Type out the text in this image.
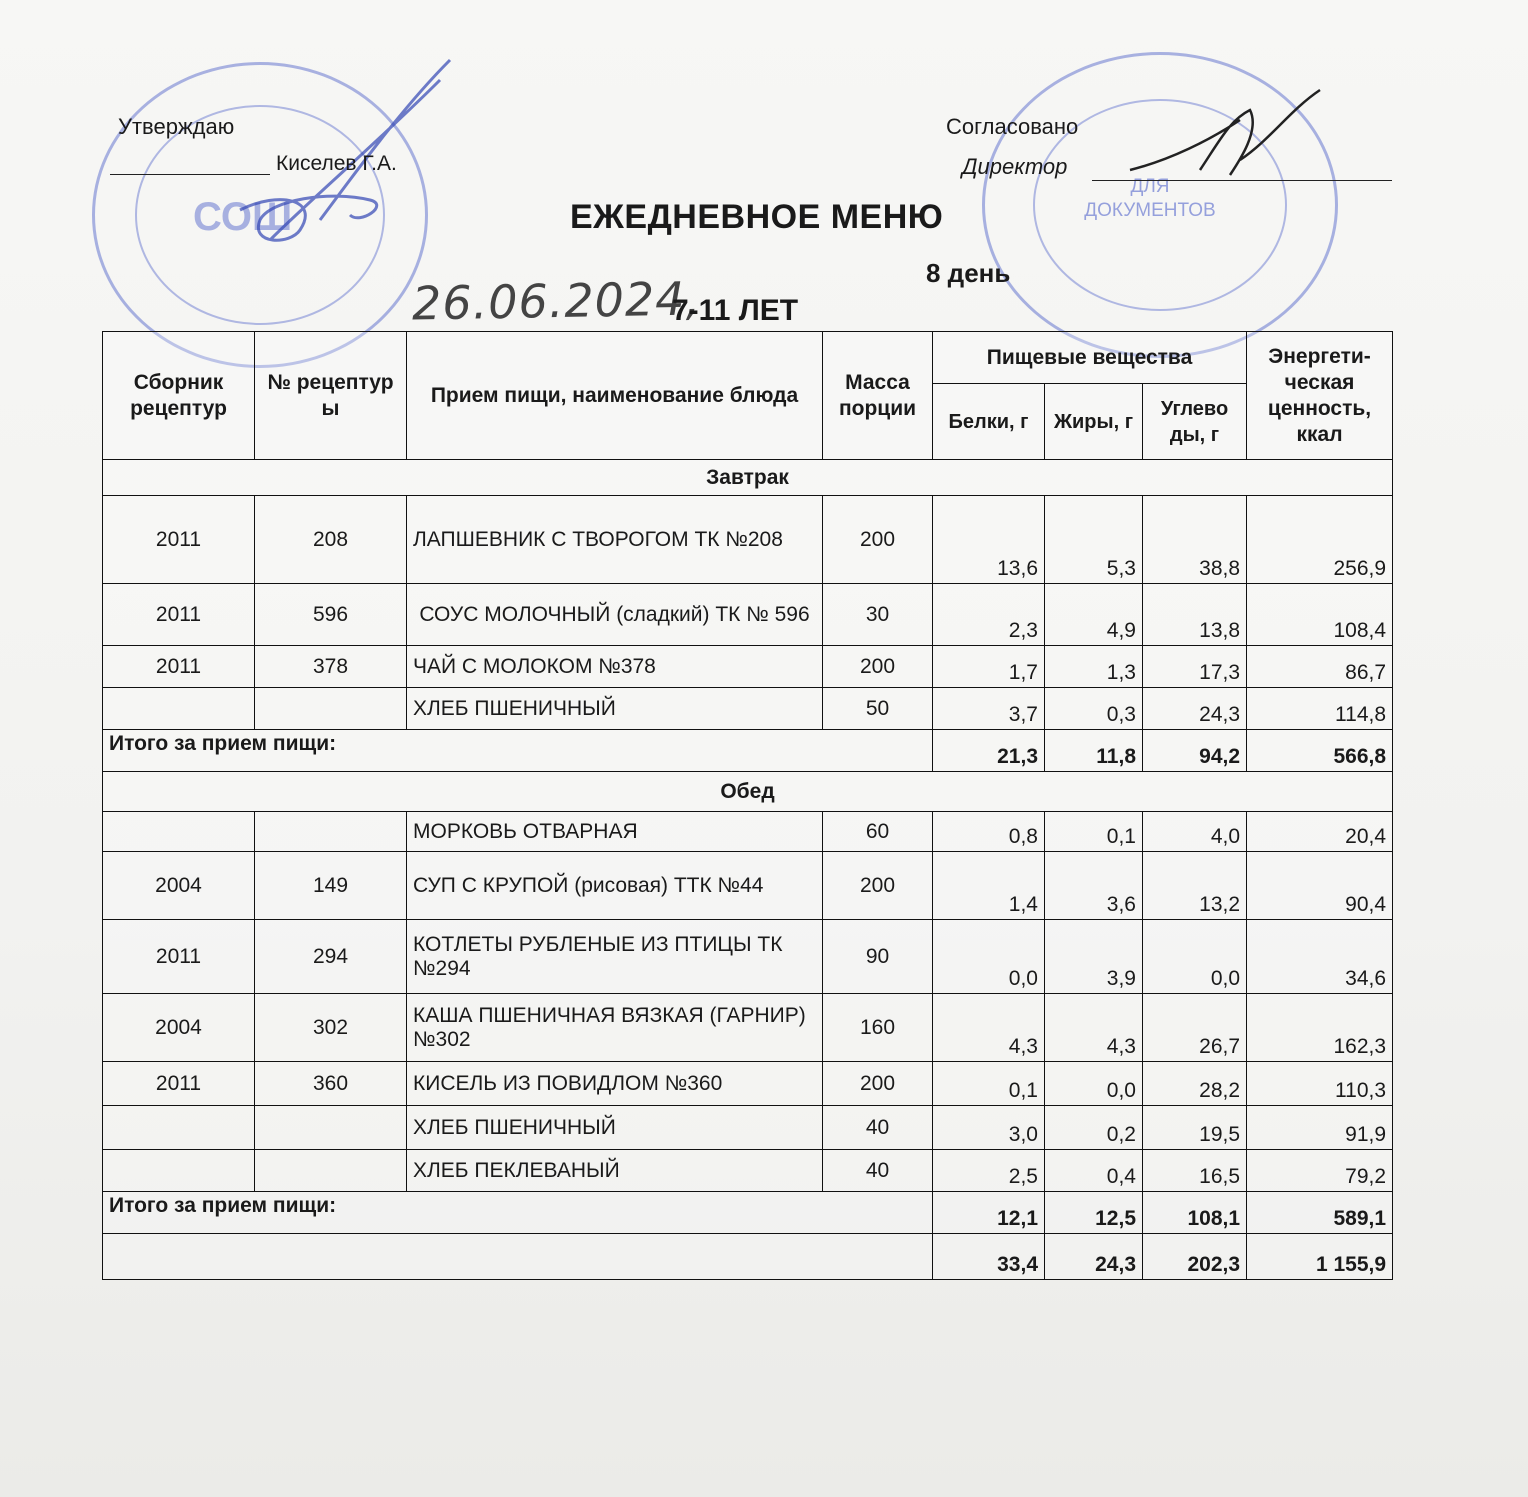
СОШ
ДЛЯ ДОКУМЕНТОВ
Утверждаю
Киселев Г.А.
Согласовано
Директор
ЕЖЕДНЕВНОЕ МЕНЮ
8 день
26.06.2024,
7-11 ЛЕТ
Сборник рецептур	№ рецептур ы	Прием пищи, наименование блюда	Масса порции	Пищевые вещества			Энергети-ческая ценность, ккал
				Белки, г	Жиры, г	Углево ды, г	
Завтрак							
2011	208	ЛАПШЕВНИК С ТВОРОГОМ ТК №208	200	13,6	5,3	38,8	256,9
2011	596	СОУС МОЛОЧНЫЙ (сладкий) ТК № 596	30	2,3	4,9	13,8	108,4
2011	378	ЧАЙ С МОЛОКОМ №378	200	1,7	1,3	17,3	86,7
		ХЛЕБ ПШЕНИЧНЫЙ	50	3,7	0,3	24,3	114,8
Итого за прием пищи:				21,3	11,8	94,2	566,8
Обед							
		МОРКОВЬ ОТВАРНАЯ	60	0,8	0,1	4,0	20,4
2004	149	СУП С КРУПОЙ (рисовая) ТТК №44	200	1,4	3,6	13,2	90,4
2011	294	КОТЛЕТЫ РУБЛЕНЫЕ ИЗ ПТИЦЫ ТК №294	90	0,0	3,9	0,0	34,6
2004	302	КАША ПШЕНИЧНАЯ ВЯЗКАЯ (ГАРНИР) №302	160	4,3	4,3	26,7	162,3
2011	360	КИСЕЛЬ ИЗ ПОВИДЛОМ №360	200	0,1	0,0	28,2	110,3
		ХЛЕБ ПШЕНИЧНЫЙ	40	3,0	0,2	19,5	91,9
		ХЛЕБ ПЕКЛЕВАНЫЙ	40	2,5	0,4	16,5	79,2
Итого за прием пищи:				12,1	12,5	108,1	589,1
				33,4	24,3	202,3	1 155,9
